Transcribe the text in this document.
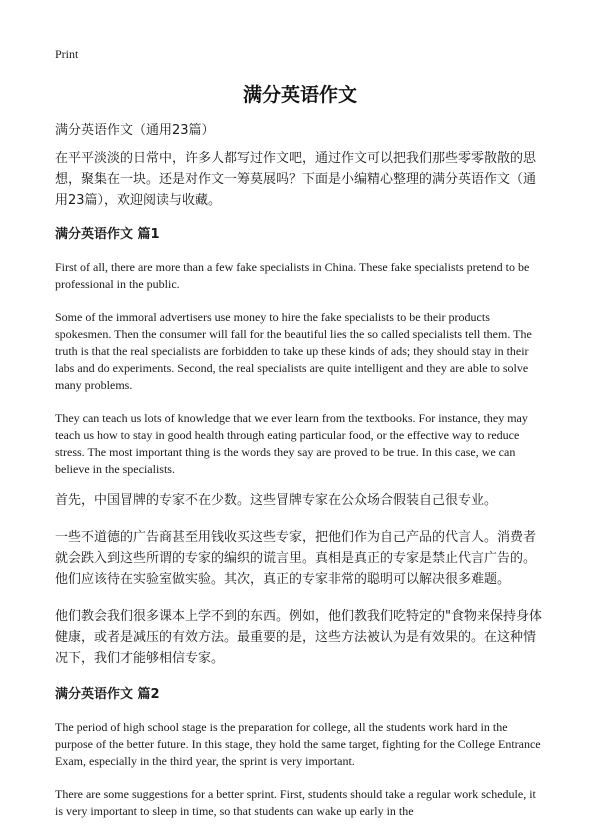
Print
满分英语作文

满分英语作文（通用23篇）

在平平淡淡的日常中，许多人都写过作文吧，通过作文可以把我们那些零零散散的思想，聚集在一块。还是对作文一筹莫展吗？下面是小编精心整理的满分英语作文（通用23篇），欢迎阅读与收藏。

满分英语作文 篇1

First of all, there are more than a few fake specialists in China. These fake specialists pretend to be professional in the public.

Some of the immoral advertisers use money to hire the fake specialists to be their products spokesmen. Then the consumer will fall for the beautiful lies the so called specialists tell them. The truth is that the real specialists are forbidden to take up these kinds of ads; they should stay in their labs and do experiments. Second, the real specialists are quite intelligent and they are able to solve many problems.

They can teach us lots of knowledge that we ever learn from the textbooks. For instance, they may teach us how to stay in good health through eating particular food, or the effective way to reduce stress. The most important thing is the words they say are proved to be true. In this case, we can believe in the specialists.

首先，中国冒牌的专家不在少数。这些冒牌专家在公众场合假装自己很专业。

一些不道德的广告商甚至用钱收买这些专家，把他们作为自己产品的代言人。消费者就会跌入到这些所谓的专家的编织的谎言里。真相是真正的专家是禁止代言广告的。他们应该待在实验室做实验。其次，真正的专家非常的聪明可以解决很多难题。

他们教会我们很多课本上学不到的东西。例如，他们教我们吃特定的"食物来保持身体健康，或者是减压的有效方法。最重要的是，这些方法被认为是有效果的。在这种情况下，我们才能够相信专家。

满分英语作文 篇2

The period of high school stage is the preparation for college, all the students work hard in the purpose of the better future. In this stage, they hold the same target, fighting for the College Entrance Exam, especially in the third year, the sprint is very important.

There are some suggestions for a better sprint. First, students should take a regular work schedule, it is very important to sleep in time, so that students can wake up early in the
